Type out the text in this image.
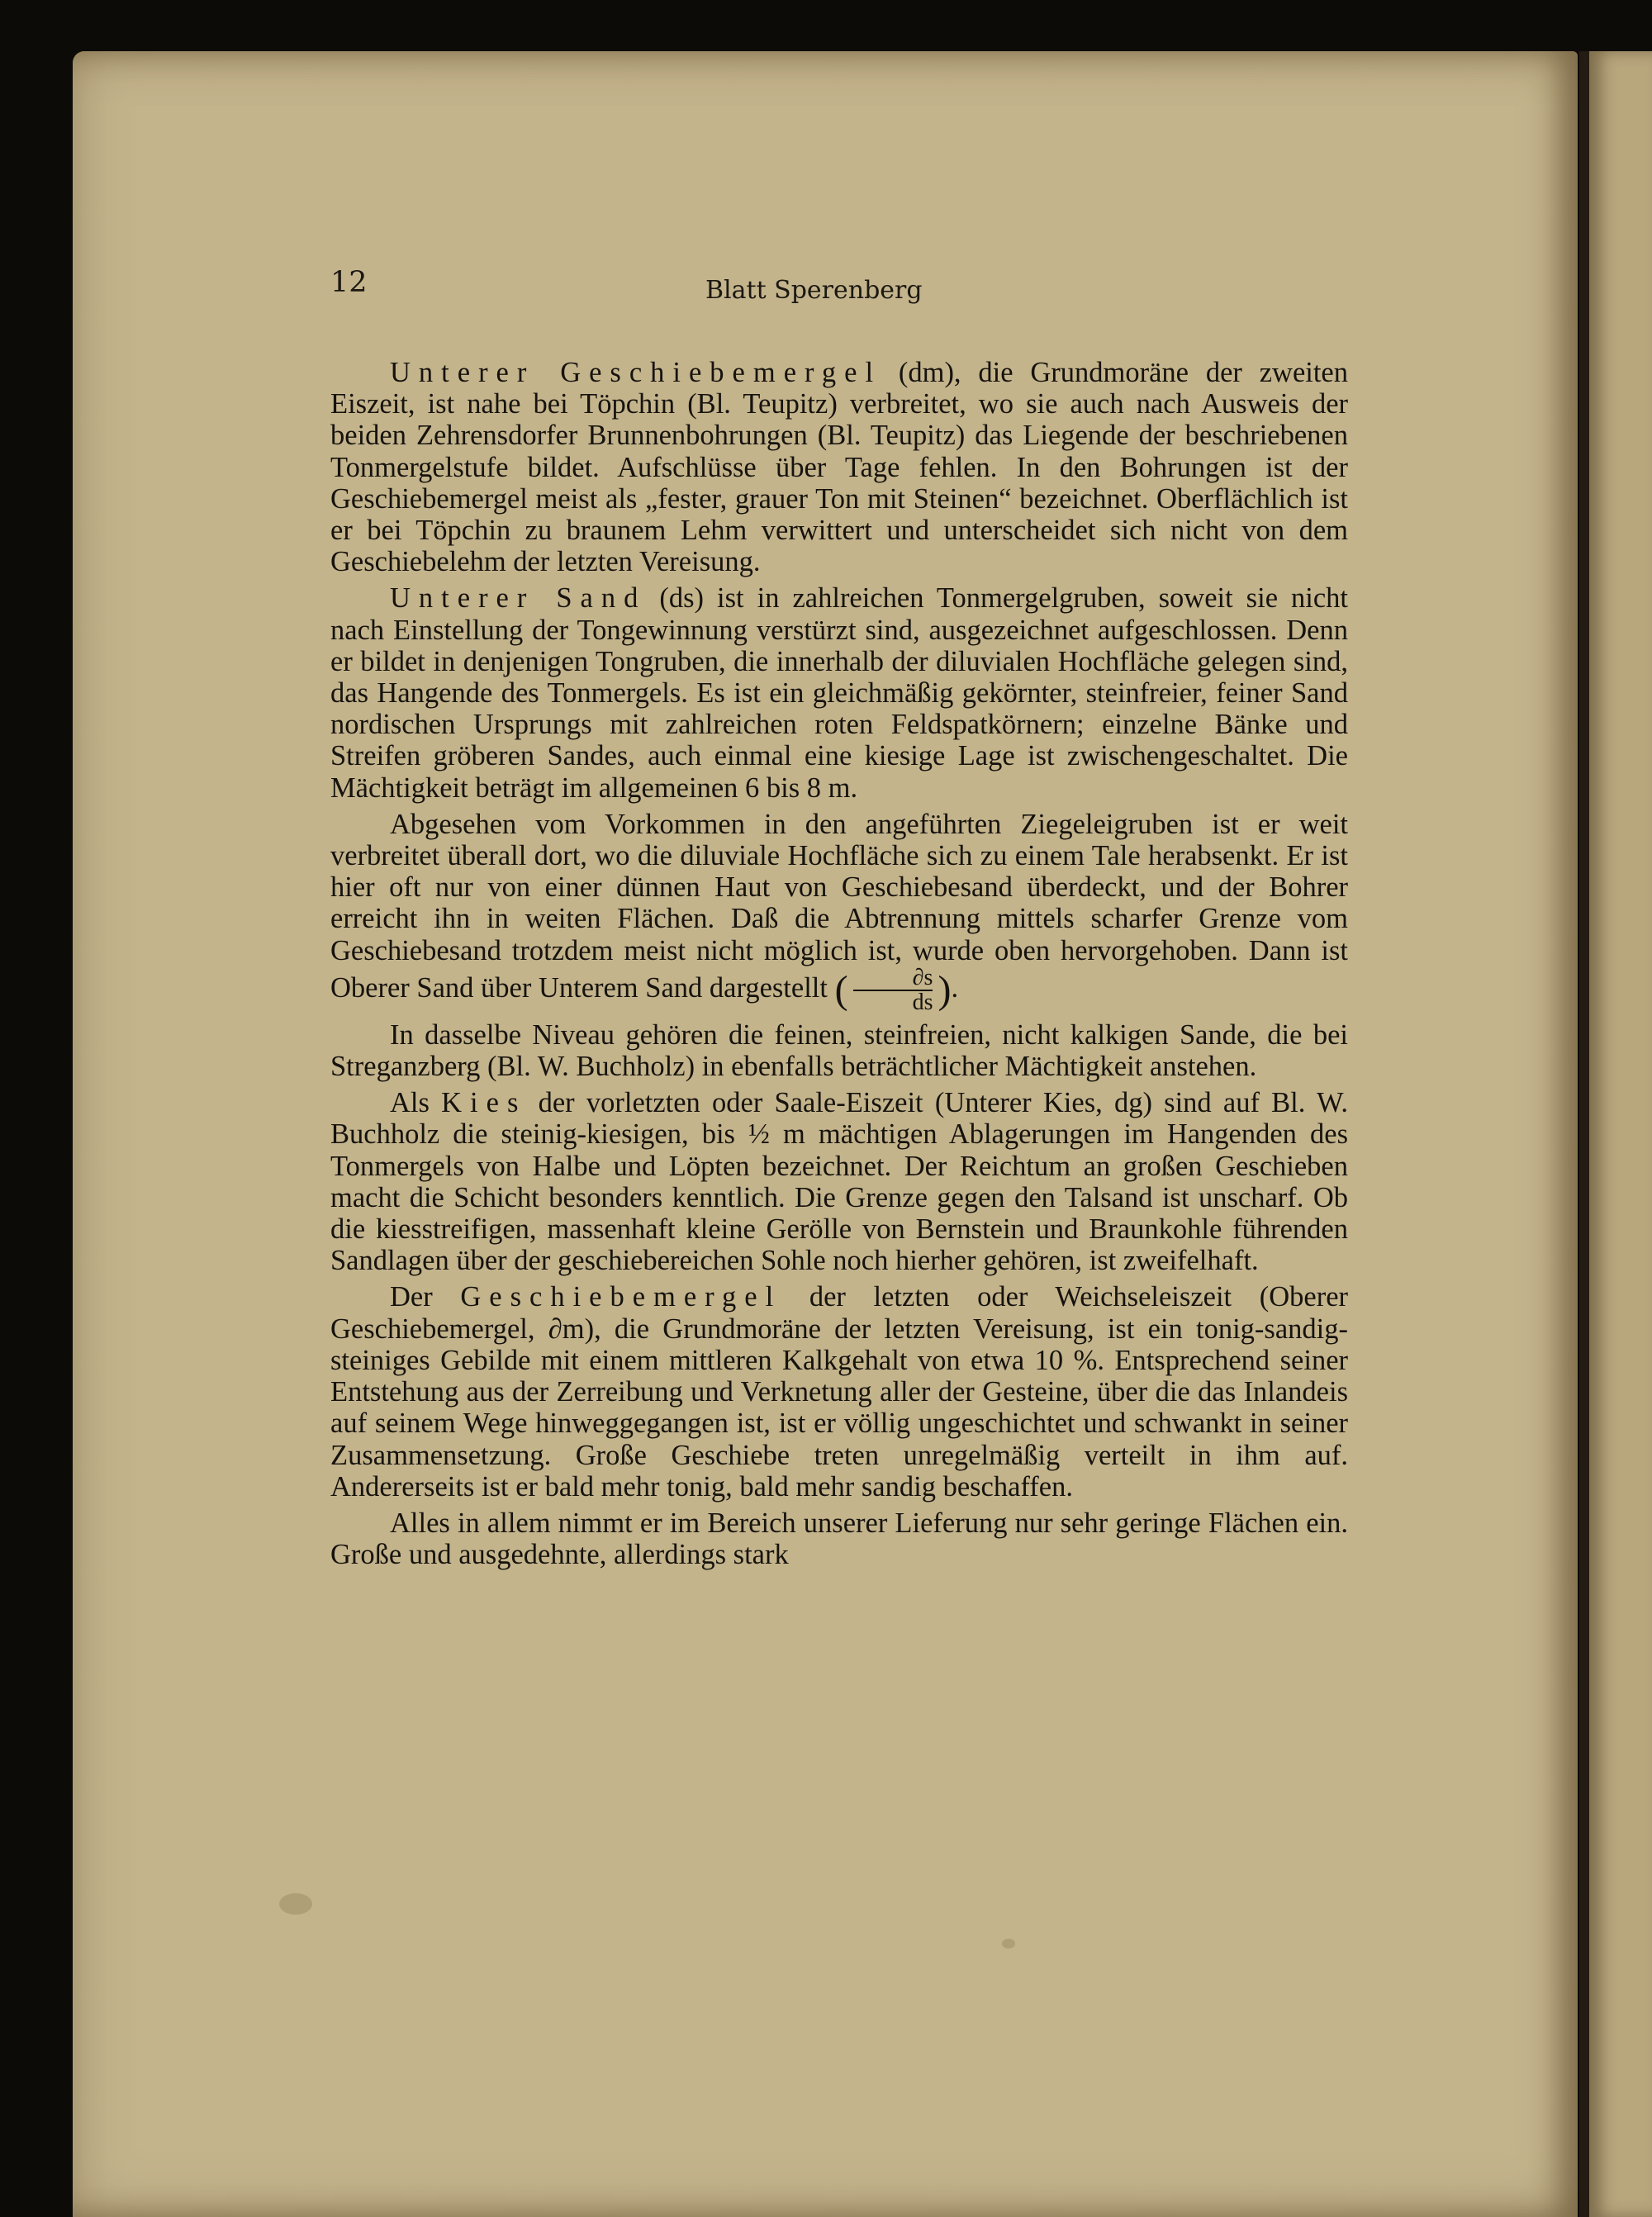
12	Blatt Sperenberg

Unterer Geschiebemergel (dm), die Grundmoräne der zweiten Eiszeit, ist nahe bei Töpchin (Bl. Teupitz) verbreitet, wo sie auch nach Ausweis der beiden Zehrensdorfer Brunnenbohrungen (Bl. Teupitz) das Liegende der beschriebenen Tonmergelstufe bildet. Aufschlüsse über Tage fehlen. In den Bohrungen ist der Geschiebemergel meist als „fester, grauer Ton mit Steinen“ bezeichnet. Oberflächlich ist er bei Töpchin zu braunem Lehm verwittert und unterscheidet sich nicht von dem Geschiebelehm der letzten Vereisung.

Unterer Sand (ds) ist in zahlreichen Tonmergelgruben, soweit sie nicht nach Einstellung der Tongewinnung verstürzt sind, ausgezeichnet aufgeschlossen. Denn er bildet in denjenigen Tongruben, die innerhalb der diluvialen Hochfläche gelegen sind, das Hangende des Tonmergels. Es ist ein gleichmäßig gekörnter, steinfreier, feiner Sand nordischen Ursprungs mit zahlreichen roten Feldspatkörnern; einzelne Bänke und Streifen gröberen Sandes, auch einmal eine kiesige Lage ist zwischengeschaltet. Die Mächtigkeit beträgt im allgemeinen 6 bis 8 m.

Abgesehen vom Vorkommen in den angeführten Ziegeleigruben ist er weit verbreitet überall dort, wo die diluviale Hochfläche sich zu einem Tale herabsenkt. Er ist hier oft nur von einer dünnen Haut von Geschiebesand überdeckt, und der Bohrer erreicht ihn in weiten Flächen. Daß die Abtrennung mittels scharfer Grenze vom Geschiebesand trotzdem meist nicht möglich ist, wurde oben hervorgehoben. Dann ist Oberer Sand über Unterem Sand dargestellt ( $\frac{\partial s}{ds}$ ).

In dasselbe Niveau gehören die feinen, steinfreien, nicht kalkigen Sande, die bei Streganzberg (Bl. W. Buchholz) in ebenfalls beträchtlicher Mächtigkeit anstehen.

Als Kies der vorletzten oder Saale-Eiszeit (Unterer Kies, dg) sind auf Bl. W. Buchholz die steinig-kiesigen, bis ½ m mächtigen Ablagerungen im Hangenden des Tonmergels von Halbe und Löpten bezeichnet. Der Reichtum an großen Geschieben macht die Schicht besonders kenntlich. Die Grenze gegen den Talsand ist unscharf. Ob die kiesstreifigen, massenhaft kleine Gerölle von Bernstein und Braunkohle führenden Sandlagen über der geschiebereichen Sohle noch hierher gehören, ist zweifelhaft.

Der Geschiebemergel der letzten oder Weichseleiszeit (Oberer Geschiebemergel, ∂m), die Grundmoräne der letzten Vereisung, ist ein tonig-sandig-steiniges Gebilde mit einem mittleren Kalkgehalt von etwa 10 %. Entsprechend seiner Entstehung aus der Zerreibung und Verknetung aller der Gesteine, über die das Inlandeis auf seinem Wege hinweggegangen ist, ist er völlig ungeschichtet und schwankt in seiner Zusammensetzung. Große Geschiebe treten unregelmäßig verteilt in ihm auf. Andererseits ist er bald mehr tonig, bald mehr sandig beschaffen.

Alles in allem nimmt er im Bereich unserer Lieferung nur sehr geringe Flächen ein. Große und ausgedehnte, allerdings stark
